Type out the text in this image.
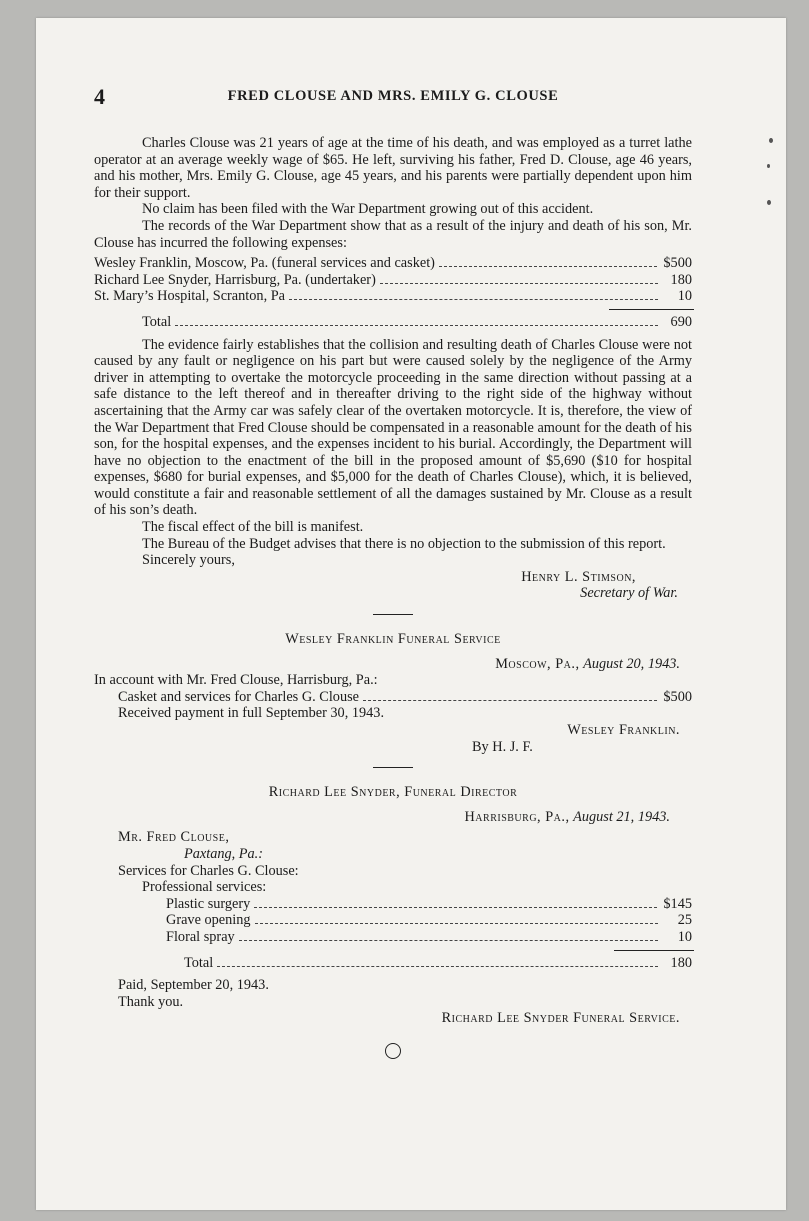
4	FRED CLOUSE AND MRS. EMILY G. CLOUSE

Charles Clouse was 21 years of age at the time of his death, and was employed as a turret lathe operator at an average weekly wage of $65. He left, surviving his father, Fred D. Clouse, age 46 years, and his mother, Mrs. Emily G. Clouse, age 45 years, and his parents were partially dependent upon him for their support.

No claim has been filed with the War Department growing out of this accident.

The records of the War Department show that as a result of the injury and death of his son, Mr. Clouse has incurred the following expenses:

Wesley Franklin, Moscow, Pa. (funeral services and casket)	$500
Richard Lee Snyder, Harrisburg, Pa. (undertaker)	180
St. Mary’s Hospital, Scranton, Pa	10
Total	690

The evidence fairly establishes that the collision and resulting death of Charles Clouse were not caused by any fault or negligence on his part but were caused solely by the negligence of the Army driver in attempting to overtake the motorcycle proceeding in the same direction without passing at a safe distance to the left thereof and in thereafter driving to the right side of the highway without ascertaining that the Army car was safely clear of the overtaken motorcycle. It is, therefore, the view of the War Department that Fred Clouse should be compensated in a reasonable amount for the death of his son, for the hospital expenses, and the expenses incident to his burial. Accordingly, the Department will have no objection to the enactment of the bill in the proposed amount of $5,690 ($10 for hospital expenses, $680 for burial expenses, and $5,000 for the death of Charles Clouse), which, it is believed, would constitute a fair and reasonable settlement of all the damages sustained by Mr. Clouse as a result of his son’s death.

The fiscal effect of the bill is manifest.

The Bureau of the Budget advises that there is no objection to the submission of this report.

Sincerely yours,
Henry L. Stimson,
Secretary of War.
Wesley Franklin Funeral Service
Moscow, Pa., August 20, 1943.
In account with Mr. Fred Clouse, Harrisburg, Pa.:
Casket and services for Charles G. Clouse	$500
Received payment in full September 30, 1943.
Wesley Franklin.
By H. J. F.
Richard Lee Snyder, Funeral Director
Harrisburg, Pa., August 21, 1943.
Mr. Fred Clouse,
Paxtang, Pa.:
Services for Charles G. Clouse:
Professional services:
Plastic surgery	$145
Grave opening	25
Floral spray	10
Total	180
Paid, September 20, 1943.
Thank you.
Richard Lee Snyder Funeral Service.
